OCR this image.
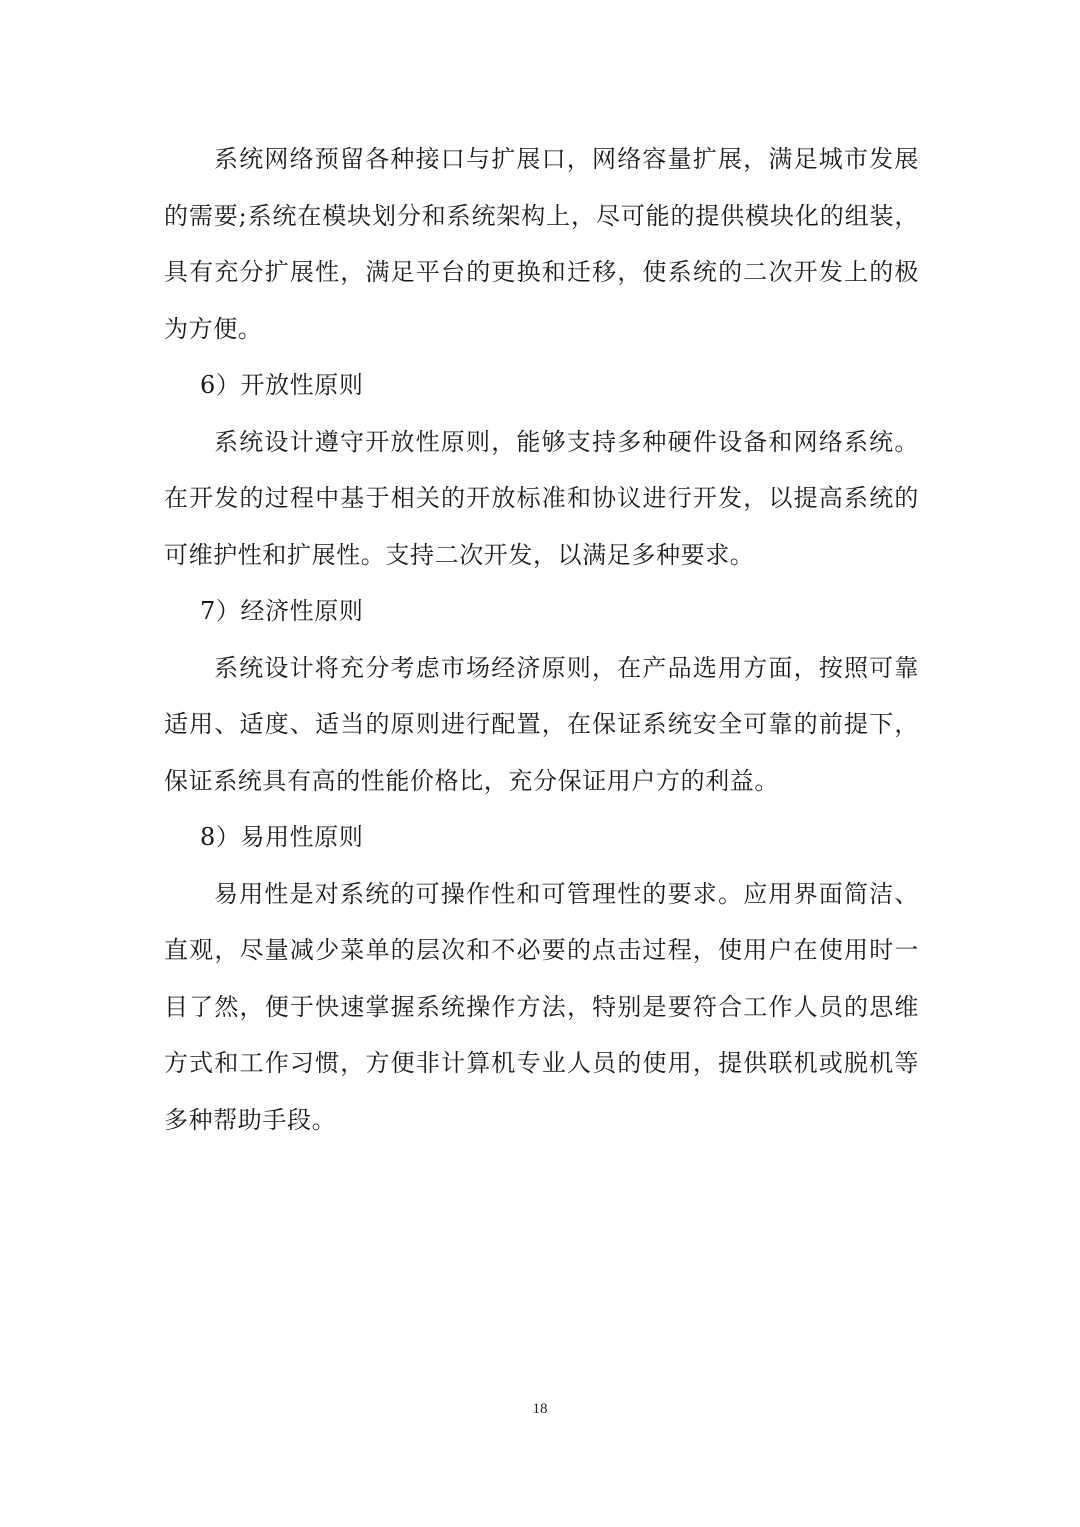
系统网络预留各种接口与扩展口，网络容量扩展，满足城市发展的需要;系统在模块划分和系统架构上，尽可能的提供模块化的组装，具有充分扩展性，满足平台的更换和迁移，使系统的二次开发上的极为方便。

6）开放性原则

系统设计遵守开放性原则，能够支持多种硬件设备和网络系统。在开发的过程中基于相关的开放标准和协议进行开发，以提高系统的可维护性和扩展性。支持二次开发，以满足多种要求。

7）经济性原则

系统设计将充分考虑市场经济原则，在产品选用方面，按照可靠适用、适度、适当的原则进行配置，在保证系统安全可靠的前提下，保证系统具有高的性能价格比，充分保证用户方的利益。

8）易用性原则

易用性是对系统的可操作性和可管理性的要求。应用界面简洁、直观，尽量减少菜单的层次和不必要的点击过程，使用户在使用时一目了然，便于快速掌握系统操作方法，特别是要符合工作人员的思维方式和工作习惯，方便非计算机专业人员的使用，提供联机或脱机等多种帮助手段。

18
